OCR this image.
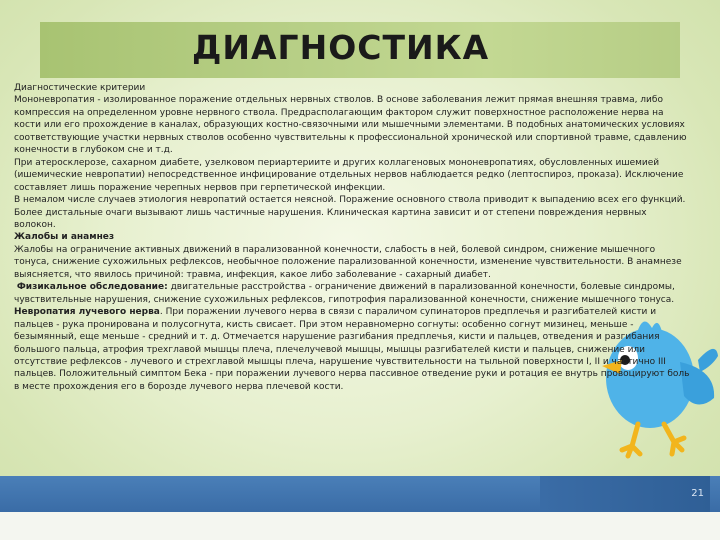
ДИАГНОСТИКА

Диагностические критерии

Мононевропатия - изолированное поражение отдельных нервных стволов. В основе заболевания лежит прямая внешняя травма, либо компрессия на определенном уровне нервного ствола. Предрасполагающим фактором служит поверхностное расположение нерва на кости или его прохождение в каналах, образующих костно-связочными или мышечными элементами. В подобных анатомических условиях соответствующие участки нервных стволов особенно чувствительны к профессиональной хронической или спортивной травме, сдавлению конечности в глубоком сне и т.д.

При атеросклерозе, сахарном диабете, узелковом периартериите и других коллагеновых мононевропатиях, обусловленных ишемией (ишемические невропатии) непосредственное инфицирование отдельных нервов наблюдается редко (лептоспироз, проказа). Исключение составляет лишь поражение черепных нервов при герпетической инфекции.

В немалом числе случаев этиология невропатий остается неясной. Поражение основного ствола приводит к выпадению всех его функций. Более дистальные очаги вызывают лишь частичные нарушения. Клиническая картина зависит и от степени повреждения нервных волокон.

Жалобы и анамнез

Жалобы на ограничение активных движений в парализованной конечности, слабость в ней, болевой синдром, снижение мышечного тонуса, снижение сухожильных рефлексов, необычное положение парализованной конечности, изменение чувствительности. В анамнезе выясняется, что явилось причиной: травма, инфекция, какое либо заболевание - сахарный диабет.

Физикальное обследование: двигательные расстройства - ограничение движений в парализованной конечности, болевые синдромы, чувствительные нарушения, снижение сухожильных рефлексов, гипотрофия парализованной конечности, снижение мышечного тонуса.

Невропатия лучевого нерва. При поражении лучевого нерва в связи с параличом супинаторов предплечья и разгибателей кисти и пальцев - рука пронирована и полусогнута, кисть свисает. При этом неравномерно согнуты: особенно согнут мизинец, меньше - безымянный, еще меньше - средний и т. д. Отмечается нарушение разгибания предплечья, кисти и пальцев, отведения и разгибания большого пальца, атрофия трехглавой мышцы плеча, плечелучевой мышцы, мышцы разгибателей кисти и пальцев, снижение или отсутствие рефлексов - лучевого и стрехглавой мышцы плеча, нарушение чувствительности на тыльной поверхности I, II и частично III пальцев. Положительный симптом Бека - при поражении лучевого нерва пассивное отведение руки и ротация ее внутрь провоцируют боль в месте прохождения его в борозде лучевого нерва плечевой кости.

21
